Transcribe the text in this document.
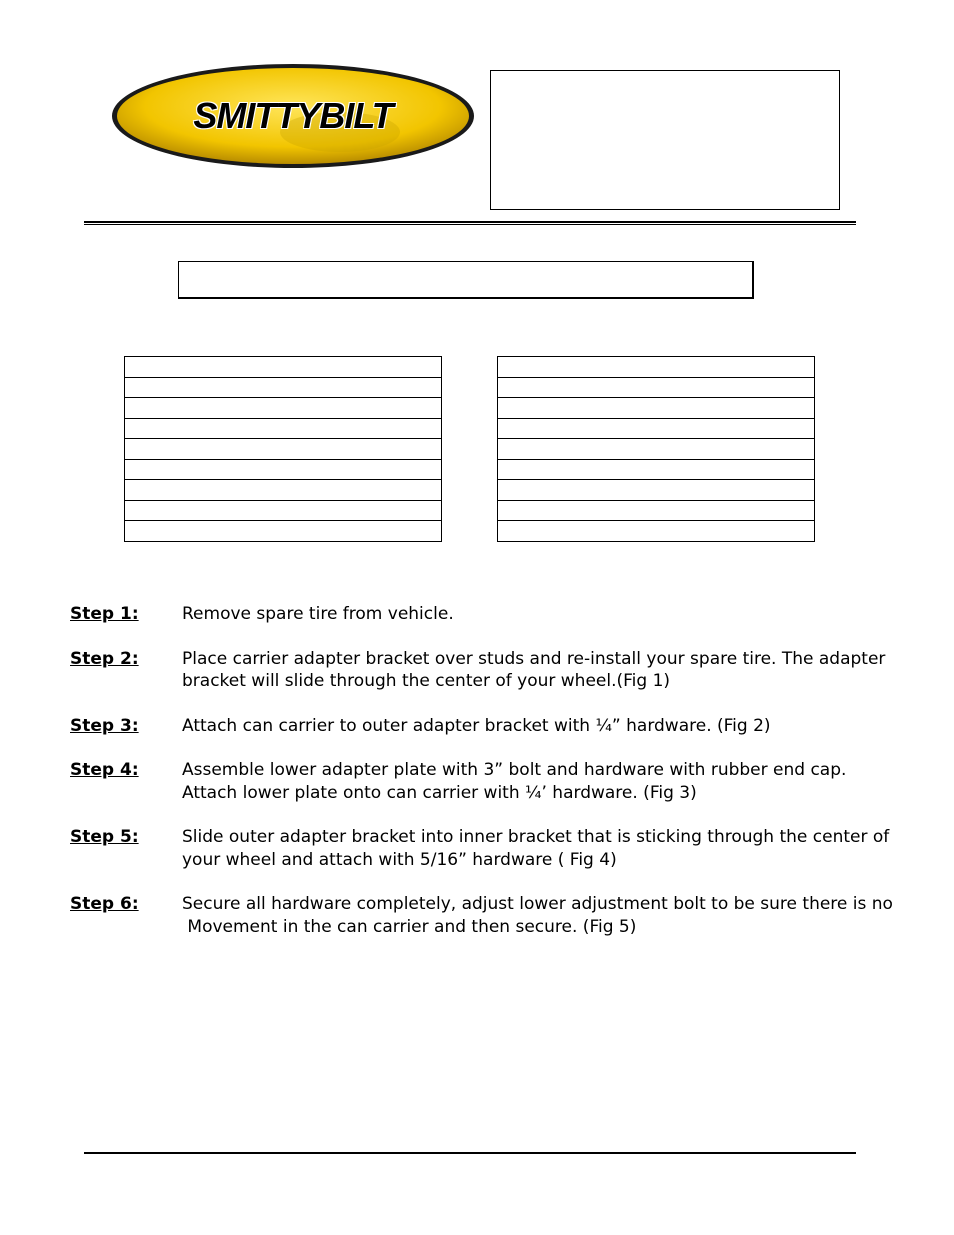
SMITTYBILT

Step 1:	Remove spare tire from vehicle.
Step 2:	Place carrier adapter bracket over studs and re-install your spare tire. The adapter
bracket will slide through the center of your wheel.(Fig 1)
Step 3:	Attach can carrier to outer adapter bracket with ¼” hardware. (Fig 2)
Step 4:	Assemble lower adapter plate with 3” bolt and hardware with rubber end cap.
Attach lower plate onto can carrier with ¼’ hardware. (Fig 3)
Step 5:	Slide outer adapter bracket into inner bracket that is sticking through the center of
your wheel and attach with 5/16” hardware ( Fig 4)
Step 6:	Secure all hardware completely, adjust lower adjustment bolt to be sure there is no
Movement in the can carrier and then secure. (Fig 5)
